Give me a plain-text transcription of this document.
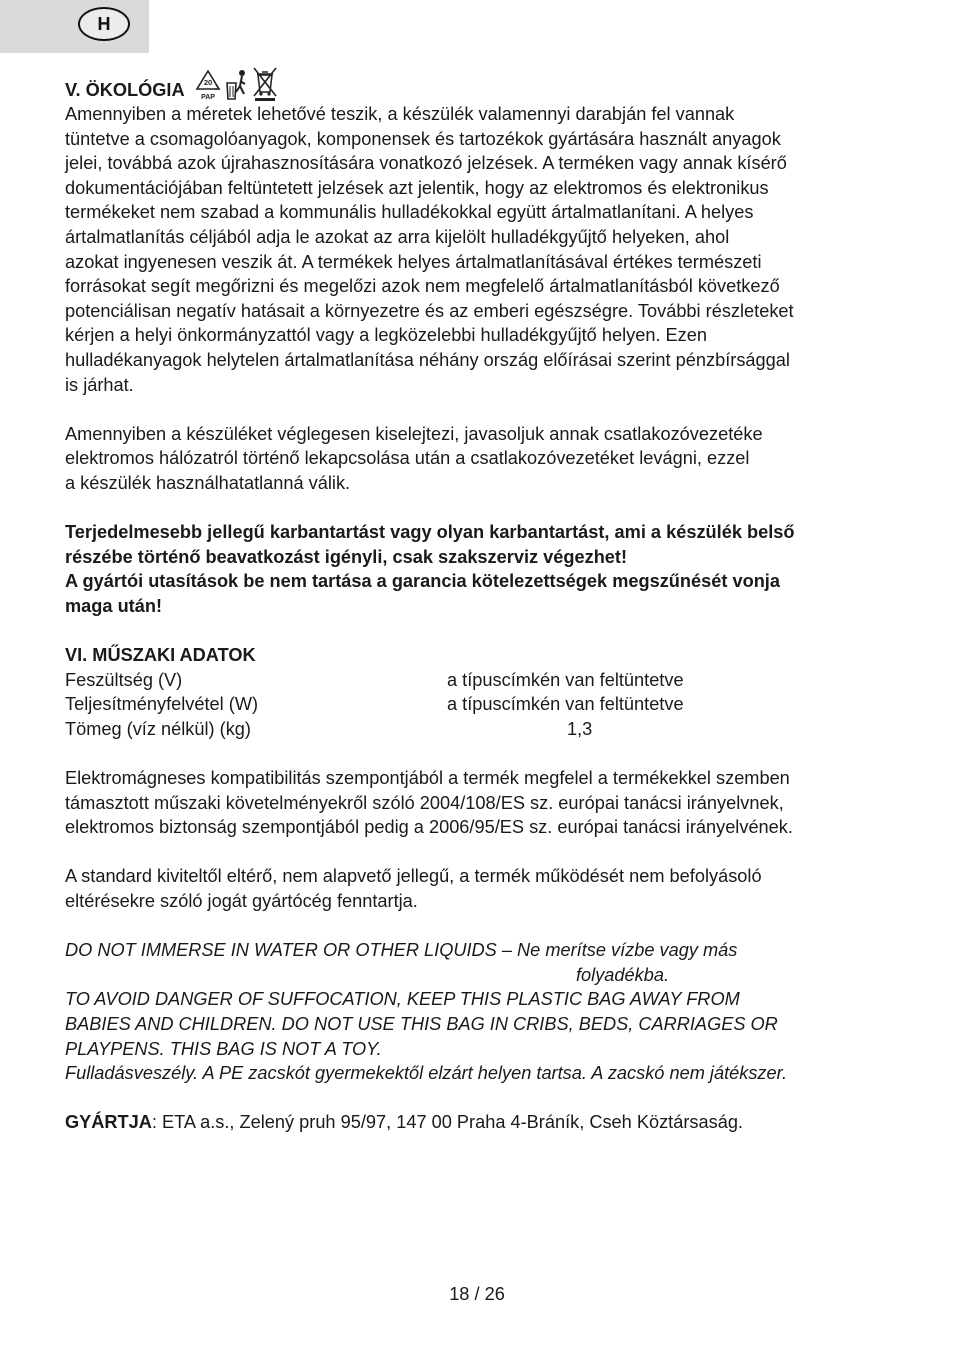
H
V. ÖKOLÓGIA	20
PAP

Amennyiben a méretek lehetővé teszik, a készülék valamennyi darabján fel vannak

tüntetve a csomagolóanyagok, komponensek és tartozékok gyártására használt anyagok

jelei, továbbá azok újrahasznosítására vonatkozó jelzések. A terméken vagy annak kísérő

dokumentációjában feltüntetett jelzések azt jelentik, hogy az elektromos és elektronikus

termékeket nem szabad a kommunális hulladékokkal együtt ártalmatlanítani. A helyes

ártalmatlanítás céljából adja le azokat az arra kijelölt hulladékgyűjtő helyeken, ahol

azokat ingyenesen veszik át. A termékek helyes ártalmatlanításával értékes természeti

forrásokat segít megőrizni és megelőzi azok nem megfelelő ártalmatlanításból következő

potenciálisan negatív hatásait a környezetre és az emberi egészségre. További részleteket

kérjen a helyi önkormányzattól vagy a legközelebbi hulladékgyűjtő helyen. Ezen

hulladékanyagok helytelen ártalmatlanítása néhány ország előírásai szerint pénzbírsággal

is járhat.

Amennyiben a készüléket véglegesen kiselejtezi, javasoljuk annak csatlakozóvezetéke

elektromos hálózatról történő lekapcsolása után a csatlakozóvezetéket levágni, ezzel

a készülék használhatatlanná válik.

Terjedelmesebb jellegű karbantartást vagy olyan karbantartást, ami a készülék belső

részébe történő beavatkozást igényli, csak szakszerviz végezhet!

A gyártói utasítások be nem tartása a garancia kötelezettségek megszűnését vonja

maga után!

VI. MŰSZAKI ADATOK

Feszültség (V)	a típuscímkén van feltüntetve
Teljesítményfelvétel (W)	a típuscímkén van feltüntetve
Tömeg (víz nélkül) (kg)	1,3

Elektromágneses kompatibilitás szempontjából a termék megfelel a termékekkel szemben

támasztott műszaki követelményekről szóló 2004/108/ES sz. európai tanácsi irányelvnek,

elektromos biztonság szempontjából pedig a 2006/95/ES sz. európai tanácsi irányelvének.

A standard kiviteltől eltérő, nem alapvető jellegű, a termék működését nem befolyásoló

eltérésekre szóló jogát gyártócég fenntartja.

DO NOT IMMERSE IN WATER OR OTHER LIQUIDS – Ne merítse vízbe vagy más

folyadékba.

TO AVOID DANGER OF SUFFOCATION, KEEP THIS PLASTIC BAG AWAY FROM

BABIES AND CHILDREN. DO NOT USE THIS BAG IN CRIBS, BEDS, CARRIAGES OR

PLAYPENS. THIS BAG IS NOT A TOY.

Fulladásveszély. A PE zacskót gyermekektől elzárt helyen tartsa. A zacskó nem játékszer.

GYÁRTJA: ETA a.s., Zelený pruh 95/97, 147 00 Praha 4-Bráník, Cseh Köztársaság.

18 / 26
